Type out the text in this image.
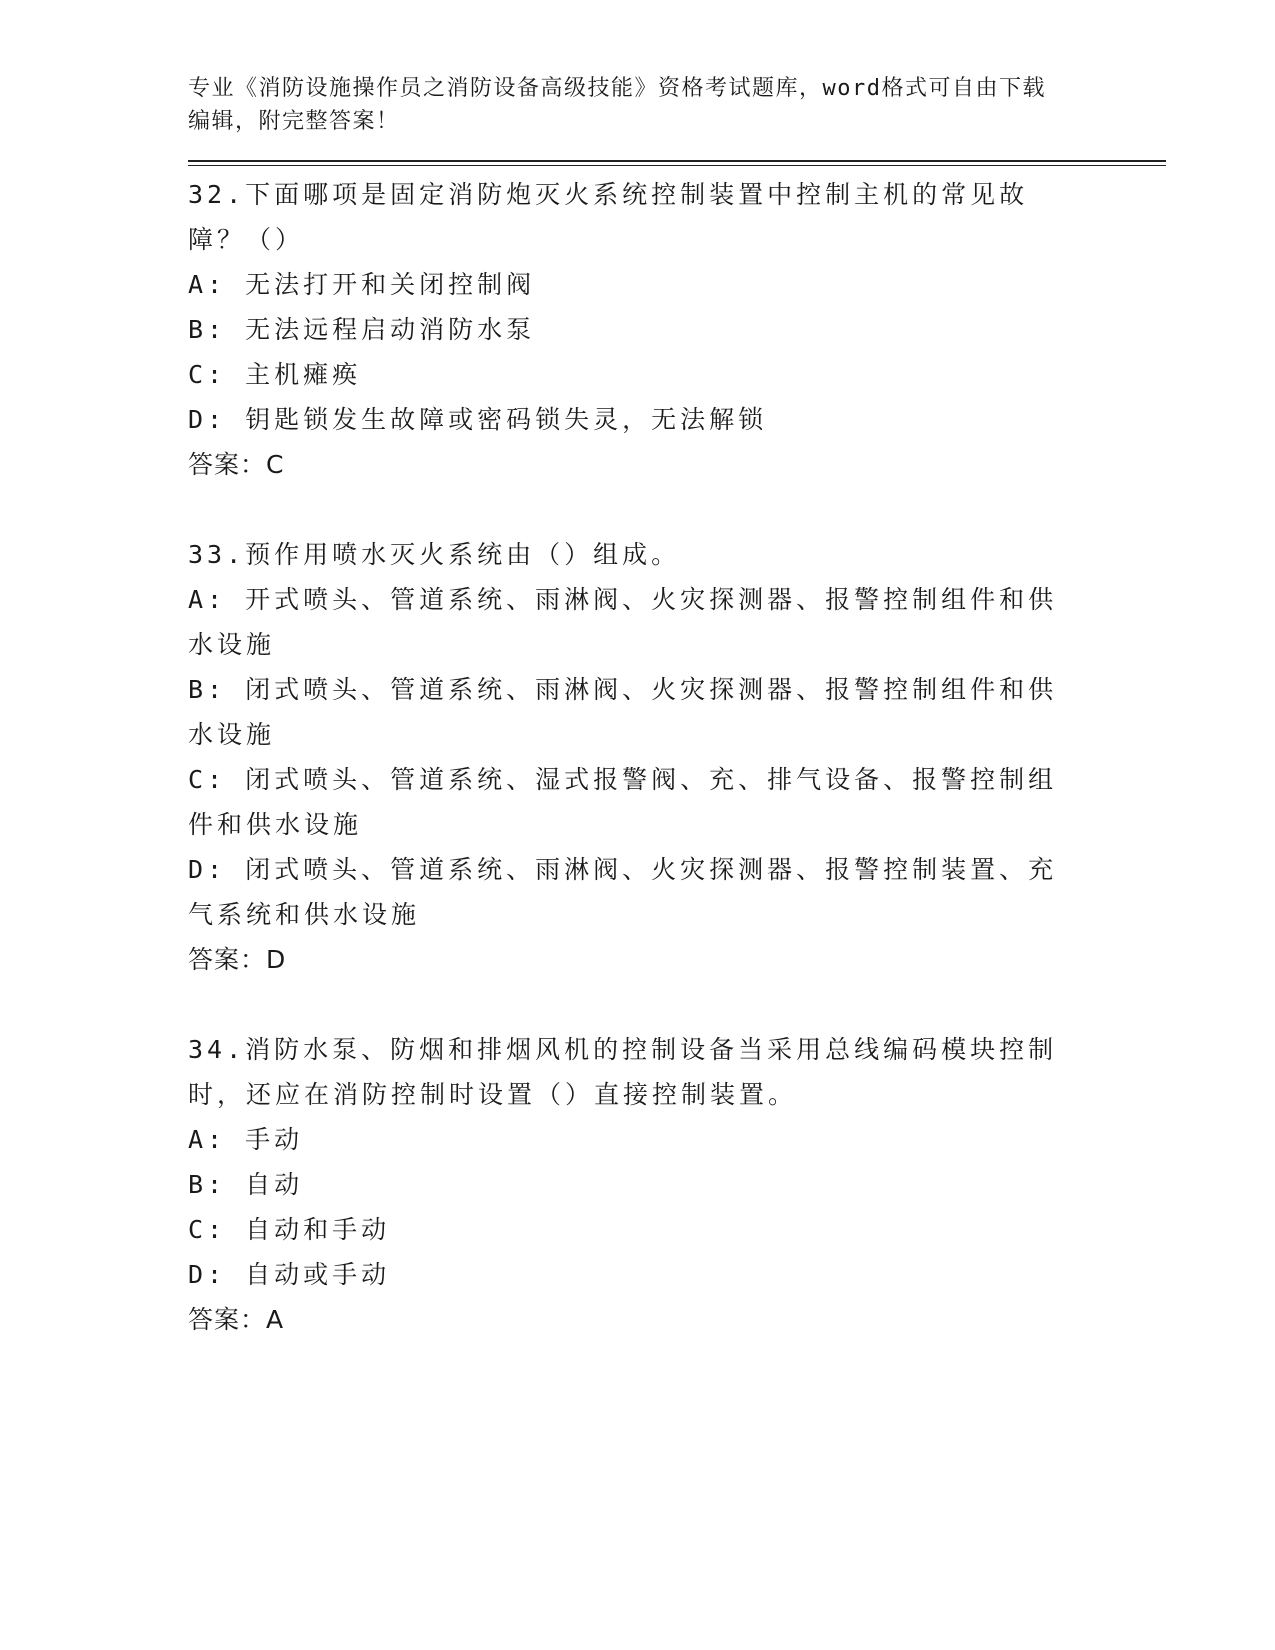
专业《消防设施操作员之消防设备高级技能》资格考试题库，word格式可自由下载编辑，附完整答案！
32.下面哪项是固定消防炮灭火系统控制装置中控制主机的常见故障？（）
A: 无法打开和关闭控制阀
B: 无法远程启动消防水泵
C: 主机瘫痪
D: 钥匙锁发生故障或密码锁失灵，无法解锁
答案：C
33.预作用喷水灭火系统由（）组成。
A: 开式喷头、管道系统、雨淋阀、火灾探测器、报警控制组件和供水设施
B: 闭式喷头、管道系统、雨淋阀、火灾探测器、报警控制组件和供水设施
C: 闭式喷头、管道系统、湿式报警阀、充、排气设备、报警控制组件和供水设施
D: 闭式喷头、管道系统、雨淋阀、火灾探测器、报警控制装置、充气系统和供水设施
答案：D
34.消防水泵、防烟和排烟风机的控制设备当采用总线编码模块控制时，还应在消防控制时设置（）直接控制装置。
A: 手动
B: 自动
C: 自动和手动
D: 自动或手动
答案：A
